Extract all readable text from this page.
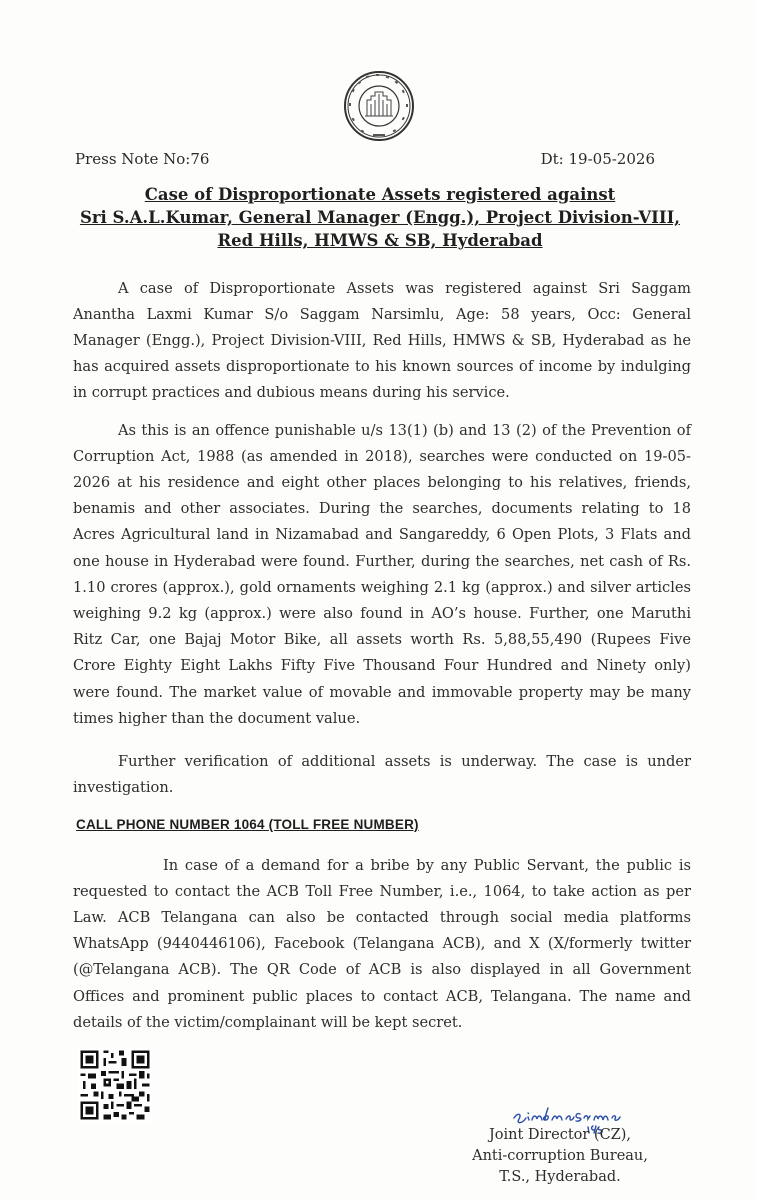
Press Note No:76	Dt: 19-05-2026
Case of Disproportionate Assets registered against
Sri S.A.L.Kumar, General Manager (Engg.), Project Division-VIII,
Red Hills, HMWS & SB, Hyderabad

A case of Disproportionate Assets was registered against Sri Saggam Anantha Laxmi Kumar S/o Saggam Narsimlu, Age: 58 years, Occ: General Manager (Engg.), Project Division-VIII, Red Hills, HMWS & SB, Hyderabad as he has acquired assets disproportionate to his known sources of income by indulging in corrupt practices and dubious means during his service.

As this is an offence punishable u/s 13(1) (b) and 13 (2) of the Prevention of Corruption Act, 1988 (as amended in 2018), searches were conducted on 19-05-2026 at his residence and eight other places belonging to his relatives, friends, benamis and other associates. During the searches, documents relating to 18 Acres Agricultural land in Nizamabad and Sangareddy, 6 Open Plots, 3 Flats and one house in Hyderabad were found. Further, during the searches, net cash of Rs. 1.10 crores (approx.), gold ornaments weighing 2.1 kg (approx.) and silver articles weighing 9.2 kg (approx.) were also found in AO’s house. Further, one Maruthi Ritz Car, one Bajaj Motor Bike, all assets worth Rs. 5,88,55,490 (Rupees Five Crore Eighty Eight Lakhs Fifty Five Thousand Four Hundred and Ninety only) were found. The market value of movable and immovable property may be many times higher than the document value.

Further verification of additional assets is underway. The case is under investigation.

CALL PHONE NUMBER 1064 (TOLL FREE NUMBER)

In case of a demand for a bribe by any Public Servant, the public is requested to contact the ACB Toll Free Number, i.e., 1064, to take action as per Law. ACB Telangana can also be contacted through social media platforms WhatsApp (9440446106), Facebook (Telangana ACB), and X (X/formerly twitter (@Telangana ACB). The QR Code of ACB is also displayed in all Government Offices and prominent public places to contact ACB, Telangana. The name and details of the victim/complainant will be kept secret.

Joint Director (CZ),
Anti-corruption Bureau,
T.S., Hyderabad.
